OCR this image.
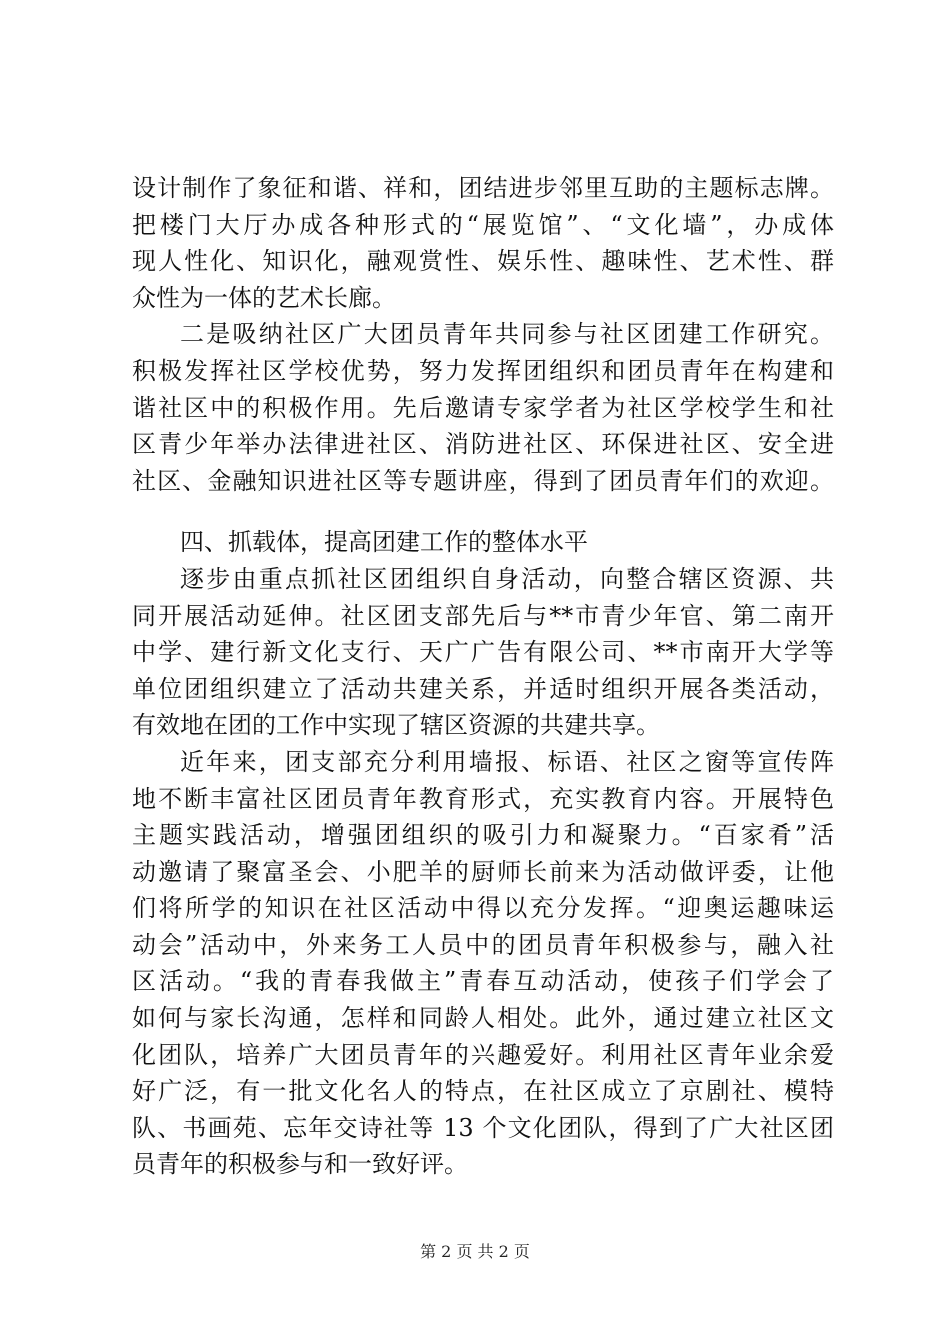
设计制作了象征和谐、祥和，团结进步邻里互助的主题标志牌。
把楼门大厅办成各种形式的“展览馆”、“文化墙”，办成体
现人性化、知识化，融观赏性、娱乐性、趣味性、艺术性、群
众性为一体的艺术长廊。
二是吸纳社区广大团员青年共同参与社区团建工作研究。
积极发挥社区学校优势，努力发挥团组织和团员青年在构建和
谐社区中的积极作用。先后邀请专家学者为社区学校学生和社
区青少年举办法律进社区、消防进社区、环保进社区、安全进
社区、金融知识进社区等专题讲座，得到了团员青年们的欢迎。
四、抓载体，提高团建工作的整体水平
逐步由重点抓社区团组织自身活动，向整合辖区资源、共
同开展活动延伸。社区团支部先后与**市青少年官、第二南开
中学、建行新文化支行、天广广告有限公司、**市南开大学等
单位团组织建立了活动共建关系，并适时组织开展各类活动，
有效地在团的工作中实现了辖区资源的共建共享。
近年来，团支部充分利用墙报、标语、社区之窗等宣传阵
地不断丰富社区团员青年教育形式，充实教育内容。开展特色
主题实践活动，增强团组织的吸引力和凝聚力。“百家肴”活
动邀请了聚富圣会、小肥羊的厨师长前来为活动做评委，让他
们将所学的知识在社区活动中得以充分发挥。“迎奥运趣味运
动会”活动中，外来务工人员中的团员青年积极参与，融入社
区活动。“我的青春我做主”青春互动活动，使孩子们学会了
如何与家长沟通，怎样和同龄人相处。此外，通过建立社区文
化团队，培养广大团员青年的兴趣爱好。利用社区青年业余爱
好广泛，有一批文化名人的特点，在社区成立了京剧社、模特
队、书画苑、忘年交诗社等 13 个文化团队，得到了广大社区团
员青年的积极参与和一致好评。
第 2 页 共 2 页
